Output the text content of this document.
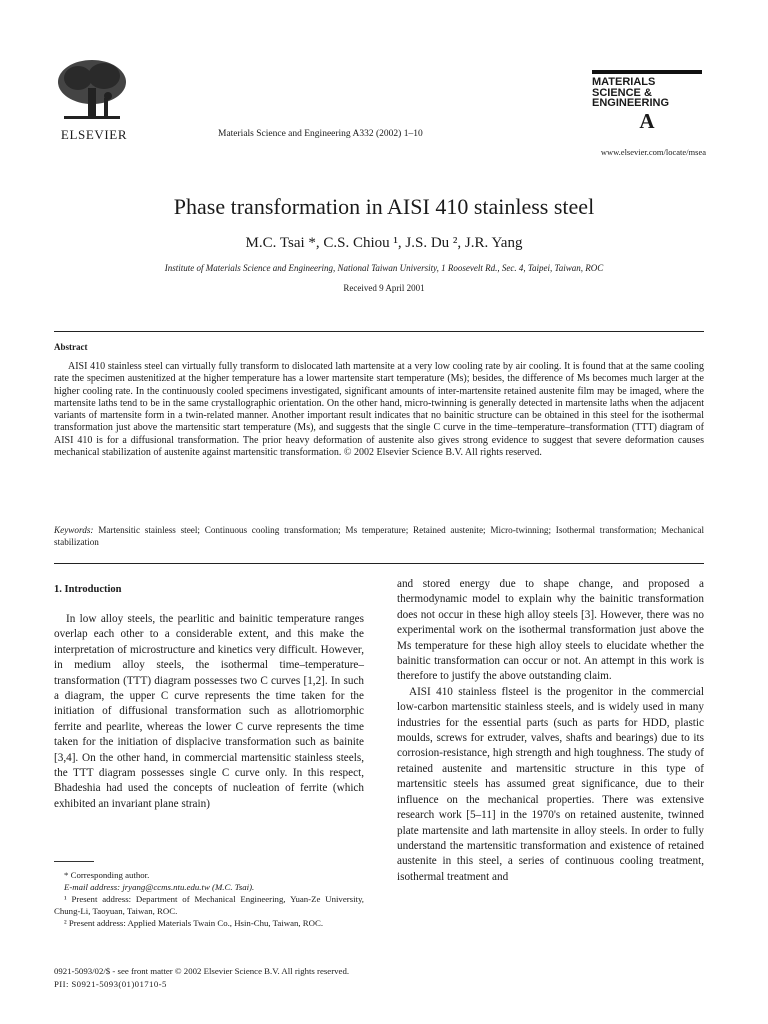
ELSEVIER	Materials Science and Engineering A332 (2002) 1–10
MATERIALS
SCIENCE &
ENGINEERING
A
www.elsevier.com/locate/msea
Phase transformation in AISI 410 stainless steel
M.C. Tsai *, C.S. Chiou ¹, J.S. Du ², J.R. Yang
Institute of Materials Science and Engineering, National Taiwan University, 1 Roosevelt Rd., Sec. 4, Taipei, Taiwan, ROC
Received 9 April 2001
Abstract
AISI 410 stainless steel can virtually fully transform to dislocated lath martensite at a very low cooling rate by air cooling. It is found that at the same cooling rate the specimen austenitized at the higher temperature has a lower martensite start temperature (Ms); besides, the difference of Ms becomes much larger at the higher cooling rate. In the continuously cooled specimens investigated, significant amounts of inter-martensite retained austenite film may be imaged, where the martensite laths tend to be in the same crystallographic orientation. On the other hand, micro-twinning is generally detected in martensite laths when the adjacent variants of martensite form in a twin-related manner. Another important result indicates that no bainitic structure can be obtained in this steel for the isothermal transformation just above the martensitic start temperature (Ms), and suggests that the single C curve in the time–temperature–transformation (TTT) diagram of AISI 410 is for a diffusional transformation. The prior heavy deformation of austenite also gives strong evidence to suggest that severe deformation causes mechanical stabilization of austenite against martensitic transformation. © 2002 Elsevier Science B.V. All rights reserved.
Keywords: Martensitic stainless steel; Continuous cooling transformation; Ms temperature; Retained austenite; Micro-twinning; Isothermal transformation; Mechanical stabilization
1. Introduction
In low alloy steels, the pearlitic and bainitic temperature ranges overlap each other to a considerable extent, and this make the interpretation of microstructure and kinetics very difficult. However, in medium alloy steels, the isothermal time–temperature–transformation (TTT) diagram possesses two C curves [1,2]. In such a diagram, the upper C curve represents the time taken for the initiation of diffusional transformation such as allotriomorphic ferrite and pearlite, whereas the lower C curve represents the time taken for the initiation of displacive transformation such as bainite [3,4]. On the other hand, in commercial martensitic stainless steels, the TTT diagram possesses single C curve only. In this respect, Bhadeshia had used the concepts of nucleation of ferrite (which exhibited an invariant plane strain)
and stored energy due to shape change, and proposed a thermodynamic model to explain why the bainitic transformation does not occur in these high alloy steels [3]. However, there was no experimental work on the isothermal transformation just above the Ms temperature for these high alloy steels to elucidate whether the bainitic transformation can occur or not. An attempt in this work is therefore to justify the above outstanding claim.
AISI 410 stainless flsteel is the progenitor in the commercial low-carbon martensitic stainless steels, and is widely used in many industries for the essential parts (such as parts for HDD, plastic moulds, screws for extruder, valves, shafts and bearings) due to its corrosion-resistance, high strength and high toughness. The study of retained austenite and martensitic structure in this type of martensitic steels has assumed great significance, due to their influence on the mechanical properties. There was extensive research work [5–11] in the 1970's on retained austenite, twinned plate martensite and lath martensite in alloy steels. In order to fully understand the martensitic transformation and existence of retained austenite in this steel, a series of continuous cooling treatment, isothermal treatment and
* Corresponding author.
E-mail address: jryang@ccms.ntu.edu.tw (M.C. Tsai).
¹ Present address: Department of Mechanical Engineering, Yuan-Ze University, Chung-Li, Taoyuan, Taiwan, ROC.
² Present address: Applied Materials Twain Co., Hsin-Chu, Taiwan, ROC.
0921-5093/02/$ - see front matter © 2002 Elsevier Science B.V. All rights reserved.
PII: S0921-5093(01)01710-5
